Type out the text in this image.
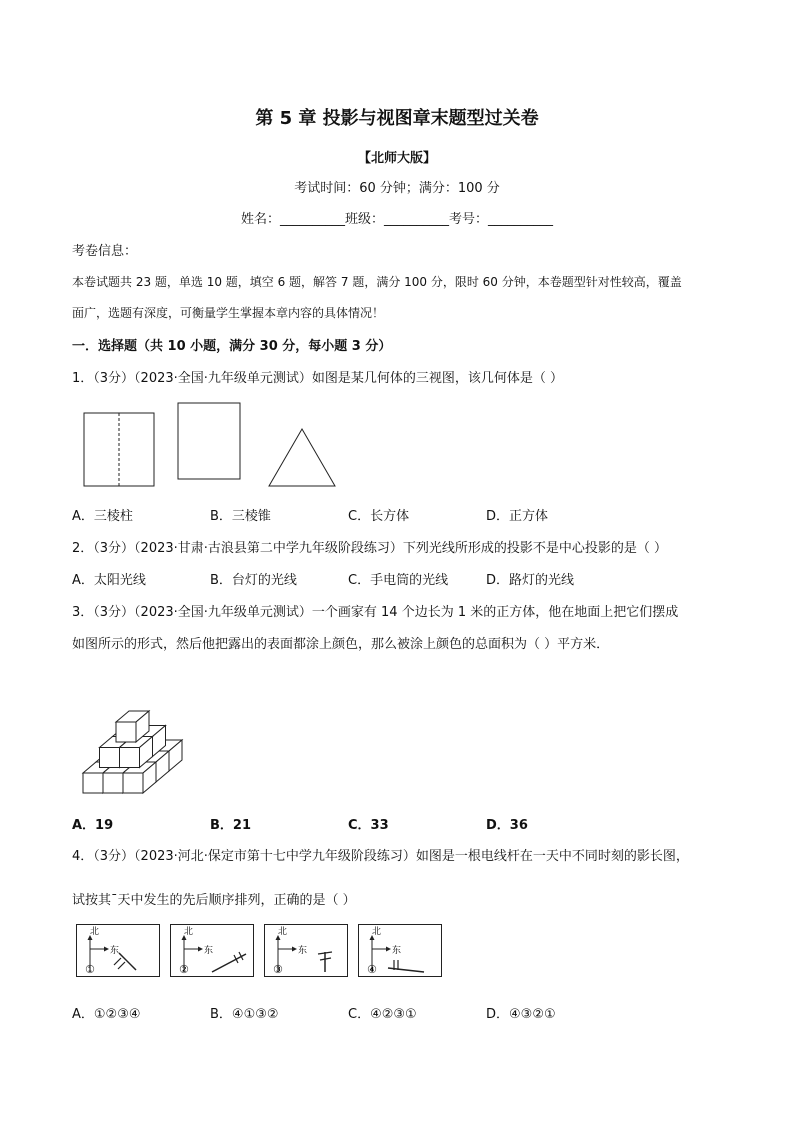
第 5 章 投影与视图章末题型过关卷
【北师大版】
考试时间：60 分钟；满分：100 分
姓名：__________班级：__________考号：__________
考卷信息：
本卷试题共 23 题，单选 10 题，填空 6 题，解答 7 题，满分 100 分，限时 60 分钟，本卷题型针对性较高，覆盖
面广，选题有深度，可衡量学生掌握本章内容的具体情况！
一．选择题（共 10 小题，满分 30 分，每小题 3 分）
1．（3分）（2023·全国·九年级单元测试）如图是某几何体的三视图，该几何体是（ ）
A．三棱柱	B．三棱锥	C．长方体	D．正方体
2．（3分）（2023·甘肃·古浪县第二中学九年级阶段练习）下列光线所形成的投影不是中心投影的是（ ）
A．太阳光线	B．台灯的光线	C．手电筒的光线	D．路灯的光线
3．（3分）（2023·全国·九年级单元测试）一个画家有 14 个边长为 1 米的正方体，他在地面上把它们摆成
如图所示的形式，然后他把露出的表面都涂上颜色，那么被涂上颜色的总面积为（ ）平方米．
A．19	B．21	C．33	D．36
4．（3分）（2023·河北·保定市第十七中学九年级阶段练习）如图是一根电线杆在一天中不同时刻的影长图，
试按其¯天中发生的先后顺序排列，正确的是（ ）
北
东
①
北
东
②
北
东
③
北
东
④
A．①②③④	B．④①③②	C．④②③①	D．④③②①
